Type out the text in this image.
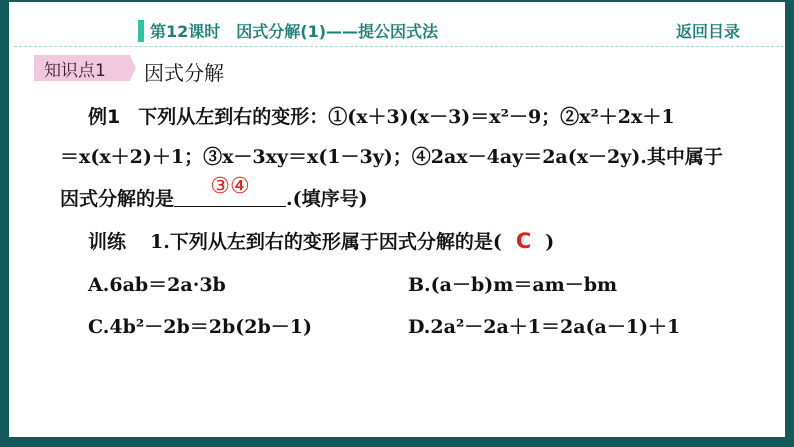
第12课时　因式分解(1)——提公因式法	返回目录
知识点1 因式分解
例1 下列从左到右的变形：①(x＋3)(x－3)＝x²－9；②x²＋2x＋1
＝x(x＋2)＋1；③x－3xy＝x(1－3y)；④2ax－4ay＝2a(x－2y).其中属于
因式分解的是	③④	.(填序号)
训练 1.下列从左到右的变形属于因式分解的是( C )
A.6ab＝2a·3b	B.(a－b)m＝am－bm
C.4b²－2b＝2b(2b－1)	D.2a²－2a＋1＝2a(a－1)＋1
